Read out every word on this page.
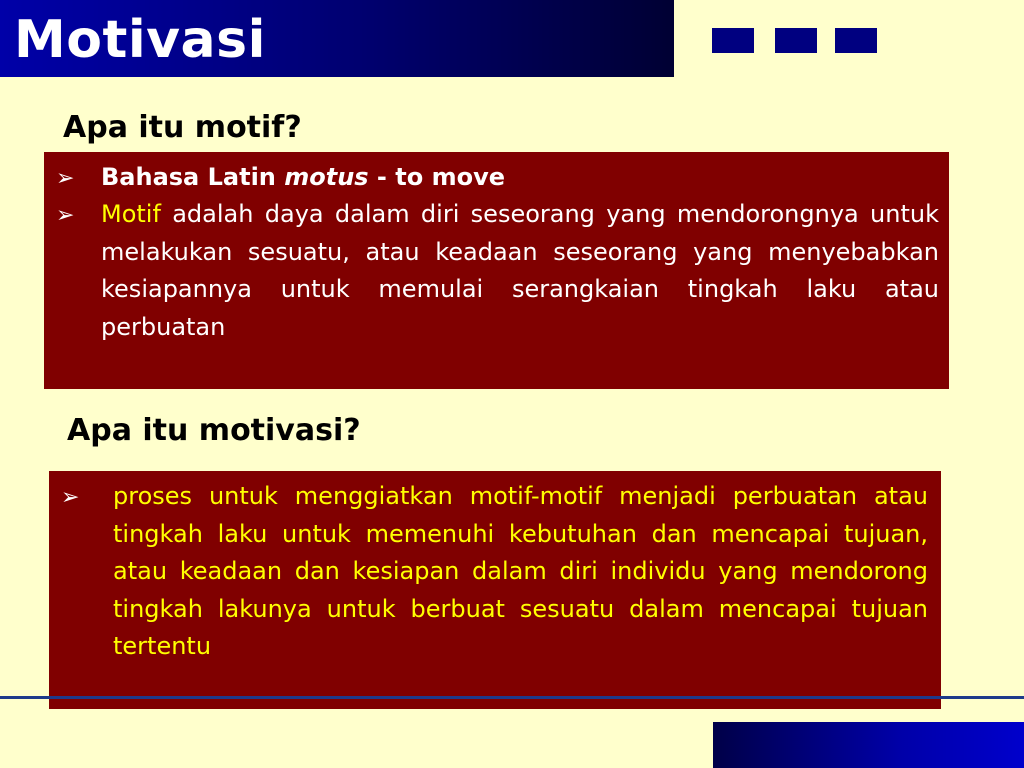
Motivasi
Apa itu motif?
➢ Bahasa Latin motus - to move
➢ Motif adalah daya dalam diri seseorang yang mendorongnya untuk melakukan sesuatu, atau keadaan seseorang yang menyebabkan kesiapannya untuk memulai serangkaian tingkah laku atau perbuatan
Apa itu motivasi?
➢ proses untuk menggiatkan motif-motif menjadi perbuatan atau tingkah laku untuk memenuhi kebutuhan dan mencapai tujuan, atau keadaan dan kesiapan dalam diri individu yang mendorong tingkah lakunya untuk berbuat sesuatu dalam mencapai tujuan tertentu
